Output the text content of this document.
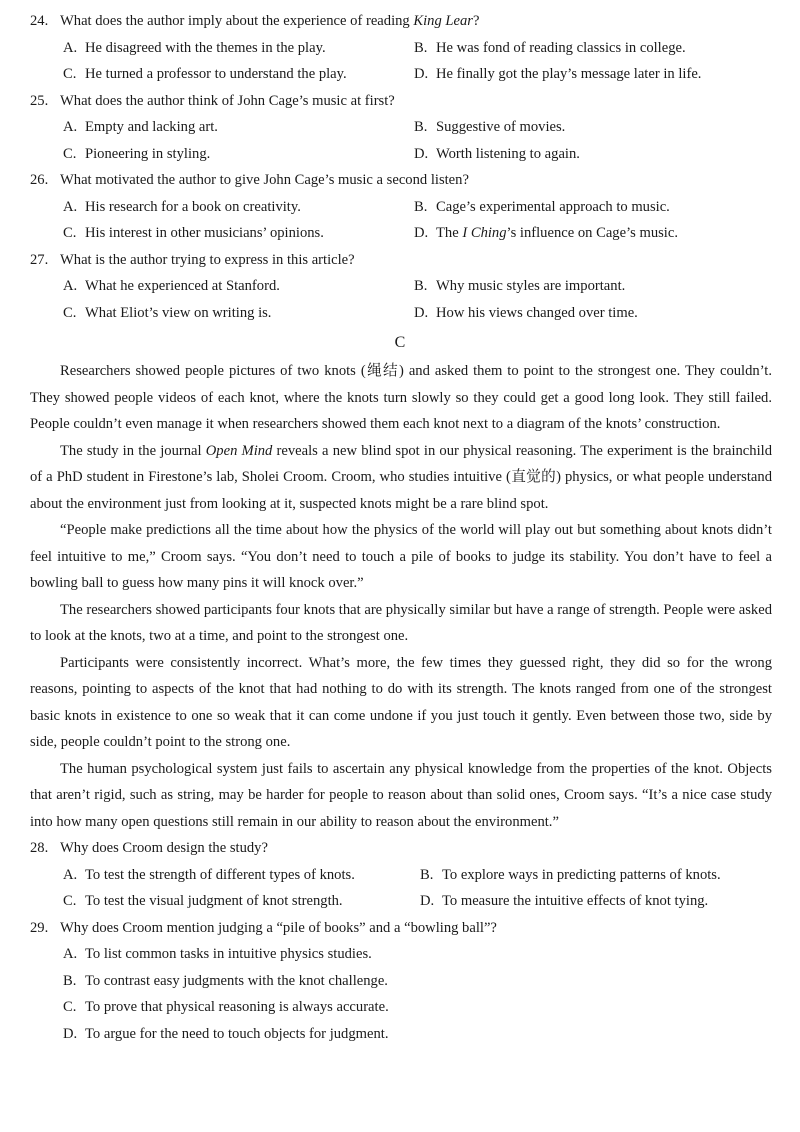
24. What does the author imply about the experience of reading King Lear?
A. He disagreed with the themes in the play.	B. He was fond of reading classics in college.
C. He turned a professor to understand the play.	D. He finally got the play’s message later in life.
25. What does the author think of John Cage’s music at first?
A. Empty and lacking art.	B. Suggestive of movies.
C. Pioneering in styling.	D. Worth listening to again.
26. What motivated the author to give John Cage’s music a second listen?
A. His research for a book on creativity.	B. Cage’s experimental approach to music.
C. His interest in other musicians’ opinions.	D. The I Ching’s influence on Cage’s music.
27. What is the author trying to express in this article?
A. What he experienced at Stanford.	B. Why music styles are important.
C. What Eliot’s view on writing is.	D. How his views changed over time.
C

Researchers showed people pictures of two knots (绳结) and asked them to point to the strongest one. They couldn’t. They showed people videos of each knot, where the knots turn slowly so they could get a good long look. They still failed. People couldn’t even manage it when researchers showed them each knot next to a diagram of the knots’ construction.

The study in the journal Open Mind reveals a new blind spot in our physical reasoning. The experiment is the brainchild of a PhD student in Firestone’s lab, Sholei Croom. Croom, who studies intuitive (直觉的) physics, or what people understand about the environment just from looking at it, suspected knots might be a rare blind spot.

“People make predictions all the time about how the physics of the world will play out but something about knots didn’t feel intuitive to me,” Croom says. “You don’t need to touch a pile of books to judge its stability. You don’t have to feel a bowling ball to guess how many pins it will knock over.”

The researchers showed participants four knots that are physically similar but have a range of strength. People were asked to look at the knots, two at a time, and point to the strongest one.

Participants were consistently incorrect. What’s more, the few times they guessed right, they did so for the wrong reasons, pointing to aspects of the knot that had nothing to do with its strength. The knots ranged from one of the strongest basic knots in existence to one so weak that it can come undone if you just touch it gently. Even between those two, side by side, people couldn’t point to the strong one.

The human psychological system just fails to ascertain any physical knowledge from the properties of the knot. Objects that aren’t rigid, such as string, may be harder for people to reason about than solid ones, Croom says. “It’s a nice case study into how many open questions still remain in our ability to reason about the environment.”

28. Why does Croom design the study?
A. To test the strength of different types of knots.	B. To explore ways in predicting patterns of knots.
C. To test the visual judgment of knot strength.	D. To measure the intuitive effects of knot tying.
29. Why does Croom mention judging a “pile of books” and a “bowling ball”?
A. To list common tasks in intuitive physics studies.
B. To contrast easy judgments with the knot challenge.
C. To prove that physical reasoning is always accurate.
D. To argue for the need to touch objects for judgment.
